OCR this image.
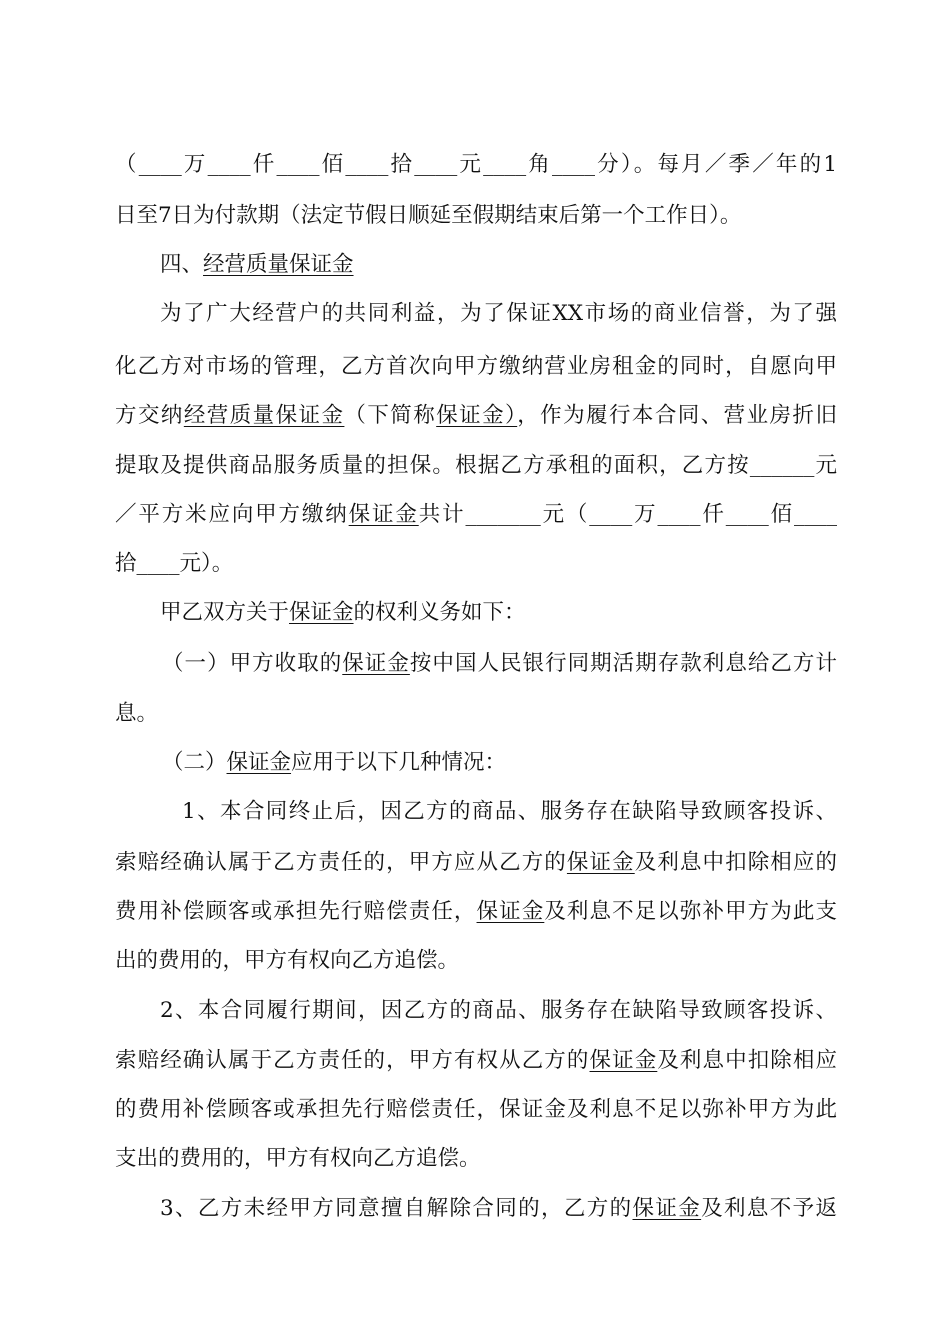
（____万____仟____佰____拾____元____角____分）。每月／季／年的1
日至7日为付款期（法定节假日顺延至假期结束后第一个工作日）。
四、经营质量保证金
为了广大经营户的共同利益，为了保证XX市场的商业信誉，为了强
化乙方对市场的管理，乙方首次向甲方缴纳营业房租金的同时，自愿向甲
方交纳经营质量保证金（下简称保证金），作为履行本合同、营业房折旧
提取及提供商品服务质量的担保。根据乙方承租的面积，乙方按______元
／平方米应向甲方缴纳保证金共计_______元（____万____仟____佰____
拾____元）。
甲乙双方关于保证金的权利义务如下：
（一）甲方收取的保证金按中国人民银行同期活期存款利息给乙方计
息。
（二）保证金应用于以下几种情况：
1、本合同终止后，因乙方的商品、服务存在缺陷导致顾客投诉、
索赔经确认属于乙方责任的，甲方应从乙方的保证金及利息中扣除相应的
费用补偿顾客或承担先行赔偿责任，保证金及利息不足以弥补甲方为此支
出的费用的，甲方有权向乙方追偿。
2、本合同履行期间，因乙方的商品、服务存在缺陷导致顾客投诉、
索赔经确认属于乙方责任的，甲方有权从乙方的保证金及利息中扣除相应
的费用补偿顾客或承担先行赔偿责任，保证金及利息不足以弥补甲方为此
支出的费用的，甲方有权向乙方追偿。
3、乙方未经甲方同意擅自解除合同的，乙方的保证金及利息不予返
